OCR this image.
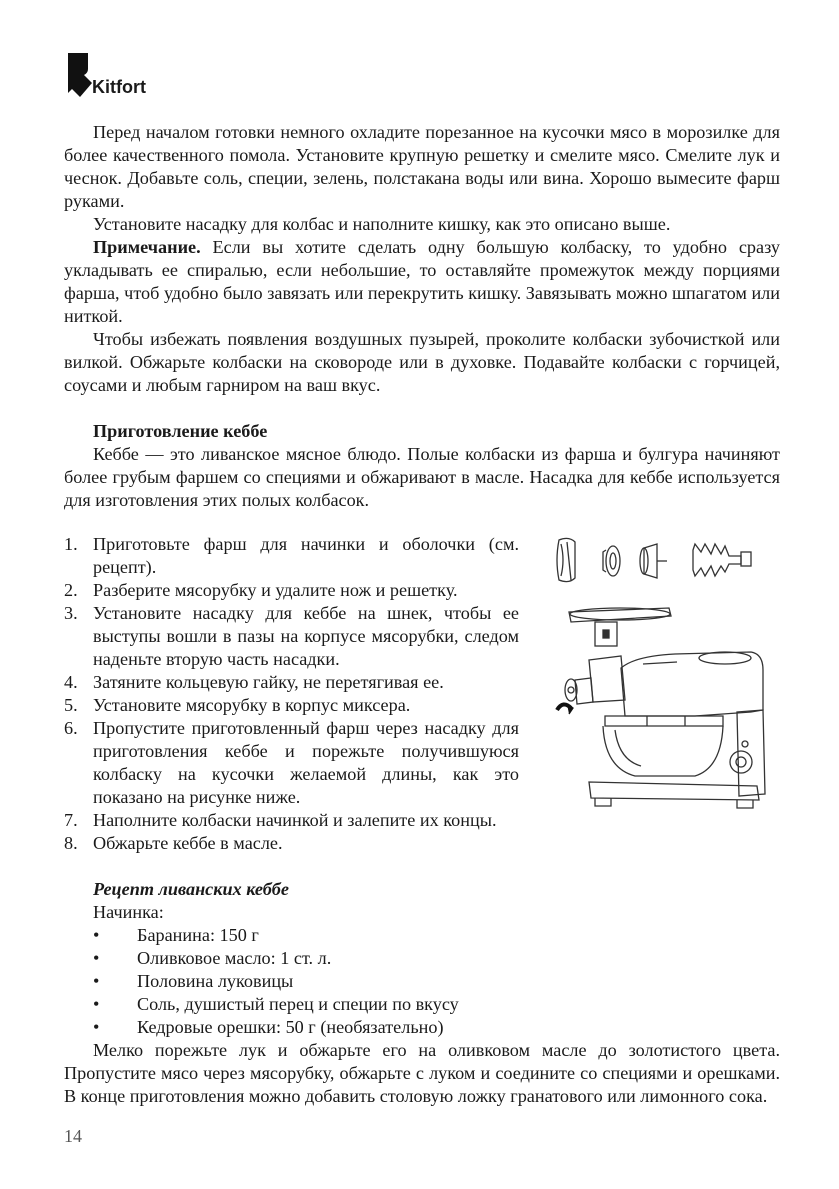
Kitfort

Перед началом готовки немного охладите порезанное на кусочки мясо в морозилке для более качественного помола. Установите крупную решетку и смелите мясо. Смелите лук и чеснок. Добавьте соль, специи, зелень, полстакана воды или вина. Хорошо вымесите фарш руками.

Установите насадку для колбас и наполните кишку, как это описано выше.

Примечание. Если вы хотите сделать одну большую колбаску, то удобно сразу укладывать ее спиралью, если небольшие, то оставляйте промежуток между порциями фарша, чтоб удобно было завязать или перекрутить кишку. Завязывать можно шпагатом или ниткой.

Чтобы избежать появления воздушных пузырей, проколите колбаски зубочисткой или вилкой. Обжарьте колбаски на сковороде или в духовке. Подавайте колбаски с горчицей, соусами и любым гарниром на ваш вкус.

Приготовление кеббе

Кеббе — это ливанское мясное блюдо. Полые колбаски из фарша и булгура начиняют более грубым фаршем со специями и обжаривают в масле. Насадка для кеббе используется для изготовления этих полых колбасок.

1. Приготовьте фарш для начинки и оболочки (см. рецепт).
2. Разберите мясорубку и удалите нож и решетку.
3. Установите насадку для кеббе на шнек, чтобы ее выступы вошли в пазы на корпусе мясорубки, следом наденьте вторую часть насадки.
4. Затяните кольцевую гайку, не перетягивая ее.
5. Установите мясорубку в корпус миксера.
6. Пропустите приготовленный фарш через насадку для приготовления кеббе и порежьте получившуюся колбаску на кусочки желаемой длины, как это показано на рисунке ниже.
7. Наполните колбаски начинкой и залепите их концы.
8. Обжарьте кеббе в масле.

Рецепт ливанских кеббе

Начинка:

• Баранина: 150 г
• Оливковое масло: 1 ст. л.
• Половина луковицы
• Соль, душистый перец и специи по вкусу
• Кедровые орешки: 50 г (необязательно)

Мелко порежьте лук и обжарьте его на оливковом масле до золотистого цвета. Пропустите мясо через мясорубку, обжарьте с луком и соедините со специями и орешками. В конце приготовления можно добавить столовую ложку гранатового или лимонного сока.

14
